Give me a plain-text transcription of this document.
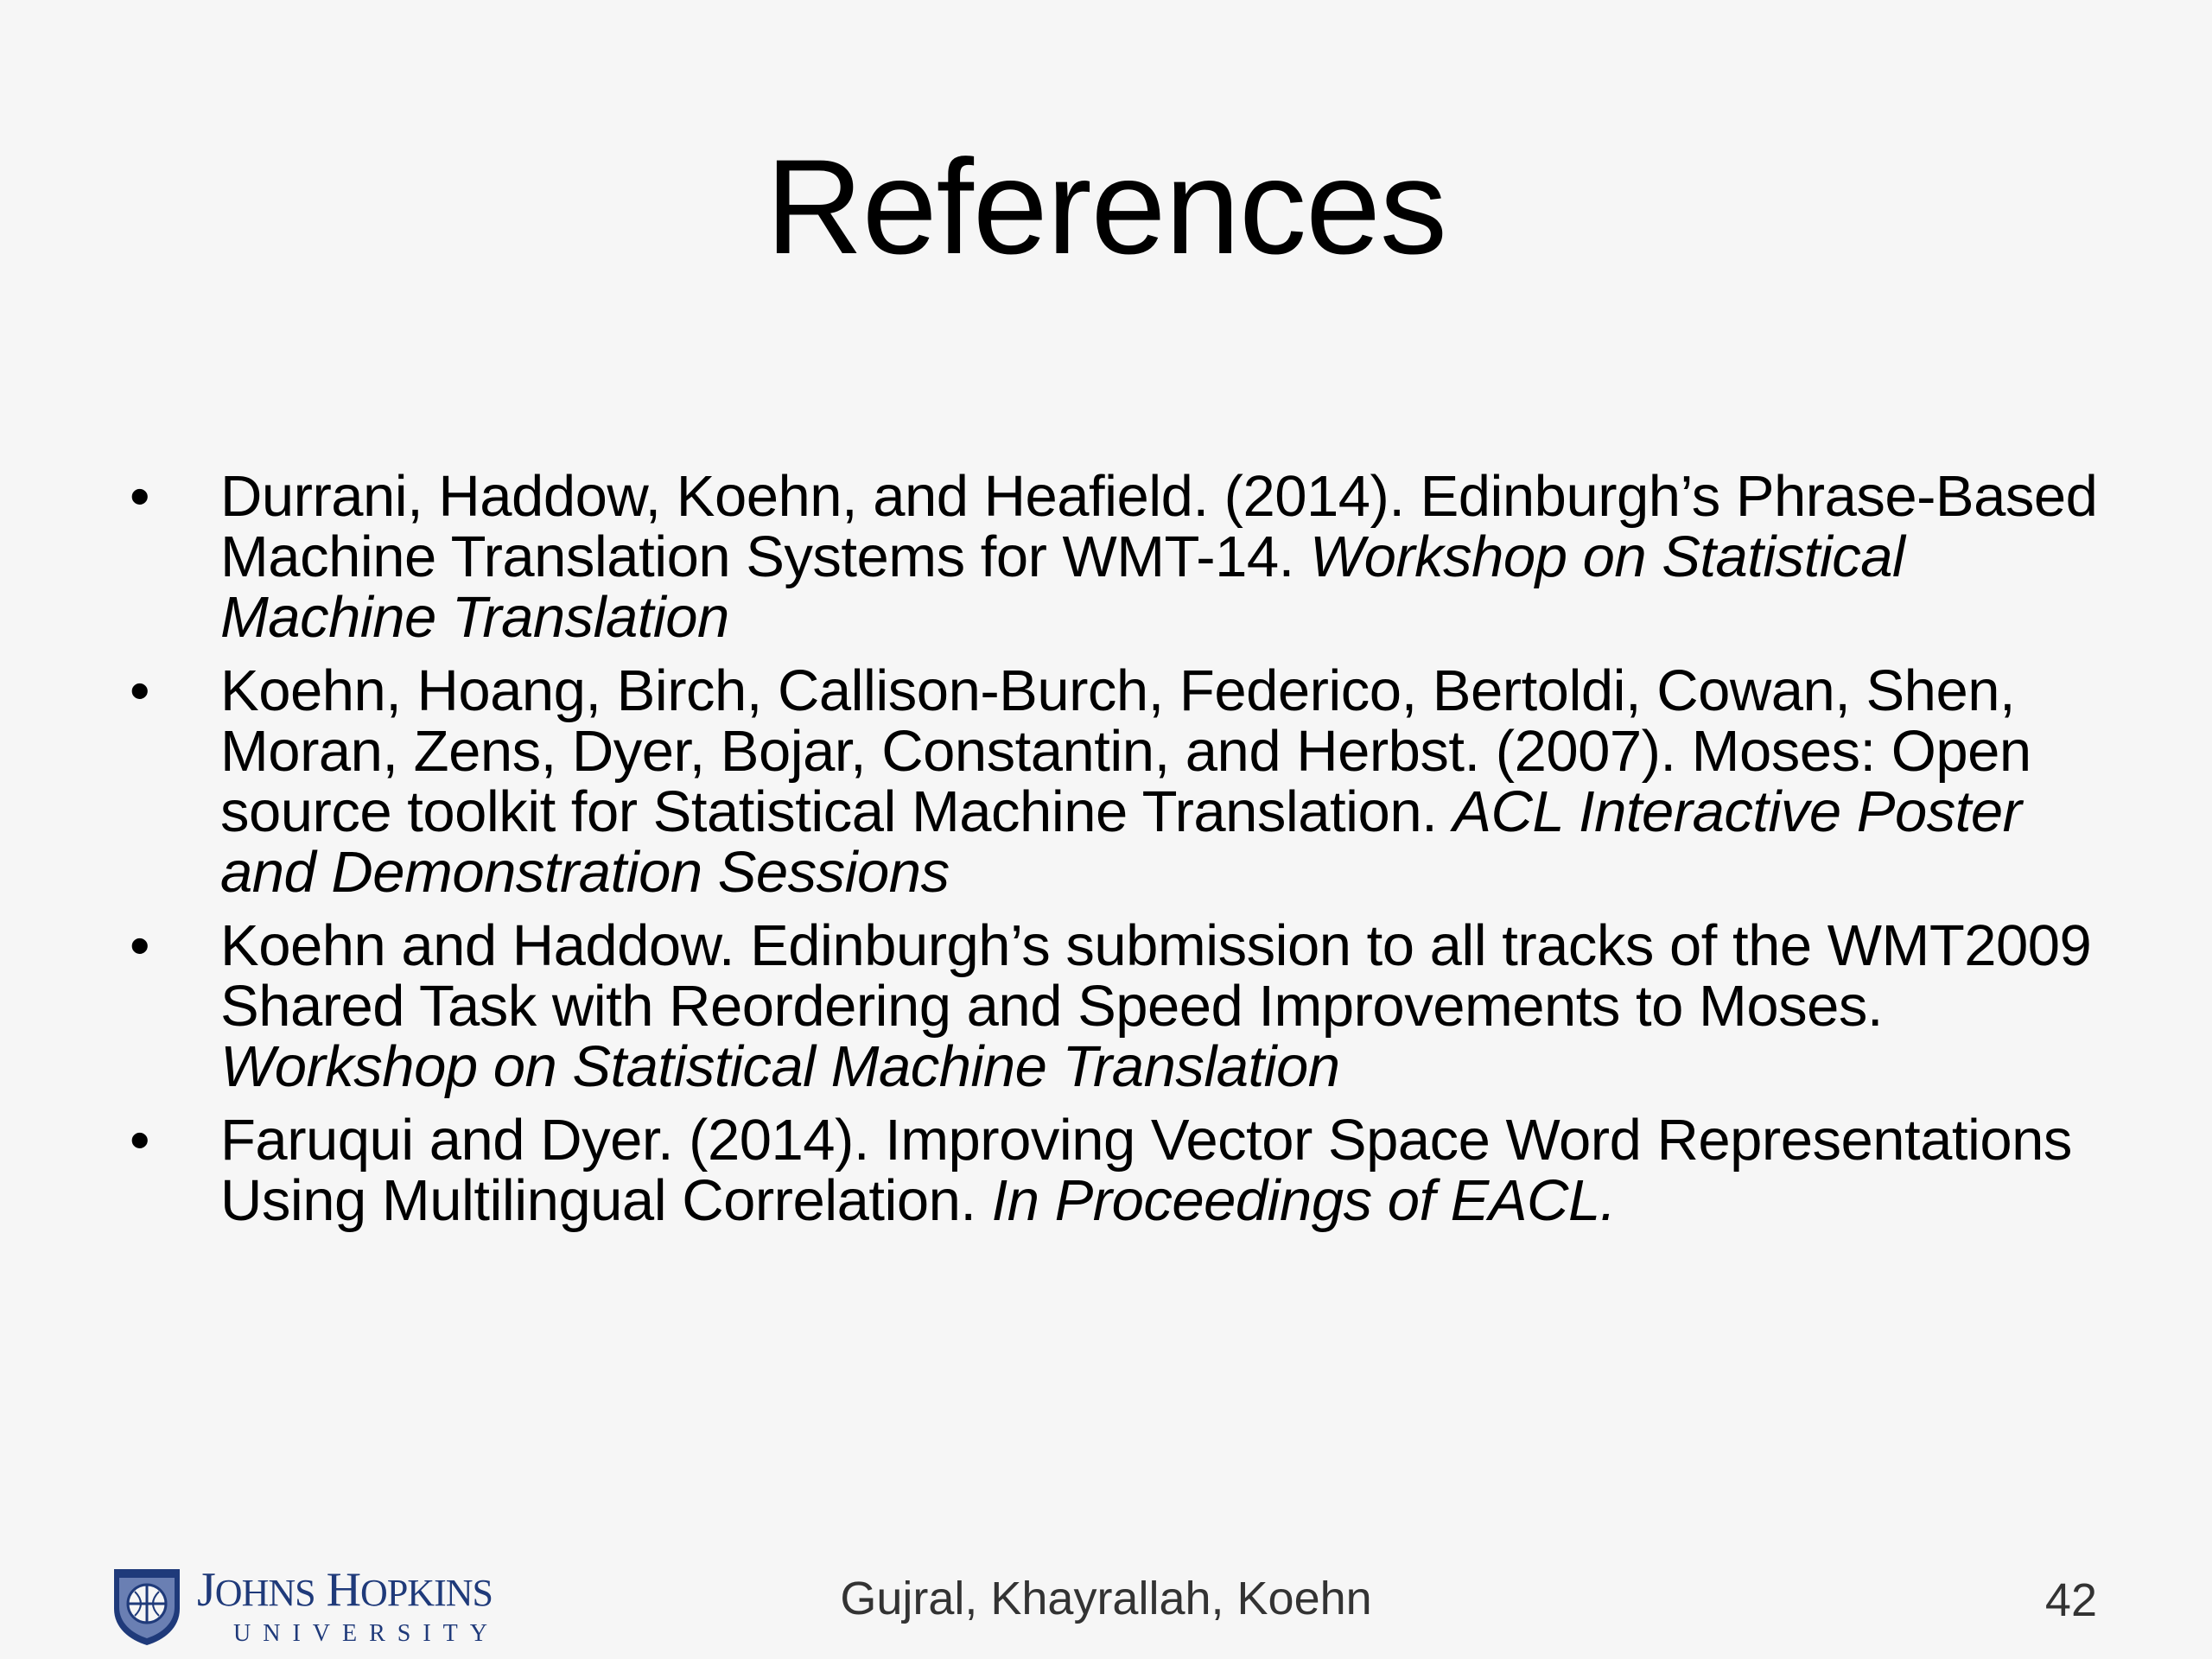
References
• Durrani, Haddow, Koehn, and Heafield. (2014). Edinburgh’s Phrase-Based Machine Translation Systems for WMT-14. Workshop on Statistical Machine Translation
• Koehn, Hoang, Birch, Callison-Burch, Federico, Bertoldi, Cowan, Shen, Moran, Zens, Dyer, Bojar, Constantin, and Herbst. (2007). Moses: Open source toolkit for Statistical Machine Translation. ACL Interactive Poster and Demonstration Sessions
• Koehn and Haddow. Edinburgh’s submission to all tracks of the WMT2009 Shared Task with Reordering and Speed Improvements to Moses. Workshop on Statistical Machine Translation
• Faruqui and Dyer. (2014). Improving Vector Space Word Representations Using Multilingual Correlation. In Proceedings of EACL.
JOHNS HOPKINS
UNIVERSITY
Gujral, Khayrallah, Koehn	42
